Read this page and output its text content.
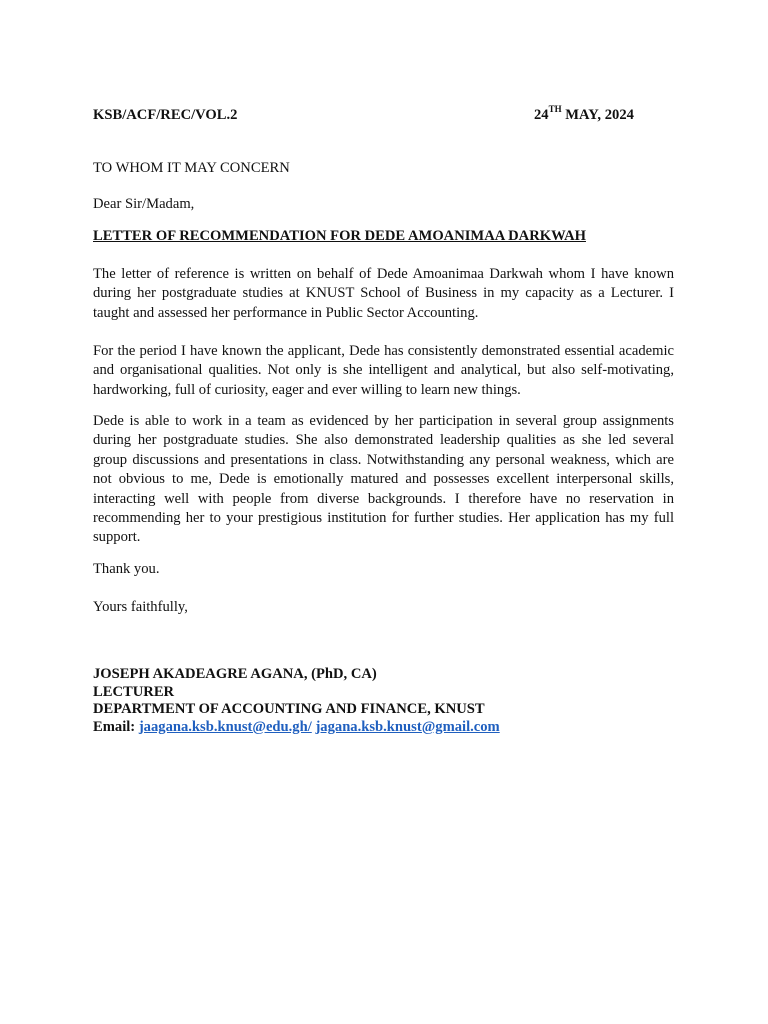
KSB/ACF/REC/VOL.2	24TH MAY, 2024
TO WHOM IT MAY CONCERN
Dear Sir/Madam,
LETTER OF RECOMMENDATION FOR DEDE AMOANIMAA DARKWAH
The letter of reference is written on behalf of Dede Amoanimaa Darkwah whom I have known during her postgraduate studies at KNUST School of Business in my capacity as a Lecturer. I taught and assessed her performance in Public Sector Accounting.
For the period I have known the applicant, Dede has consistently demonstrated essential academic and organisational qualities. Not only is she intelligent and analytical, but also self-motivating, hardworking, full of curiosity, eager and ever willing to learn new things.
Dede is able to work in a team as evidenced by her participation in several group assignments during her postgraduate studies. She also demonstrated leadership qualities as she led several group discussions and presentations in class. Notwithstanding any personal weakness, which are not obvious to me, Dede is emotionally matured and possesses excellent interpersonal skills, interacting well with people from diverse backgrounds. I therefore have no reservation in recommending her to your prestigious institution for further studies. Her application has my full support.
Thank you.
Yours faithfully,
JOSEPH AKADEAGRE AGANA, (PhD, CA)
LECTURER
DEPARTMENT OF ACCOUNTING AND FINANCE, KNUST
Email: jaagana.ksb.knust@edu.gh/ jagana.ksb.knust@gmail.com
